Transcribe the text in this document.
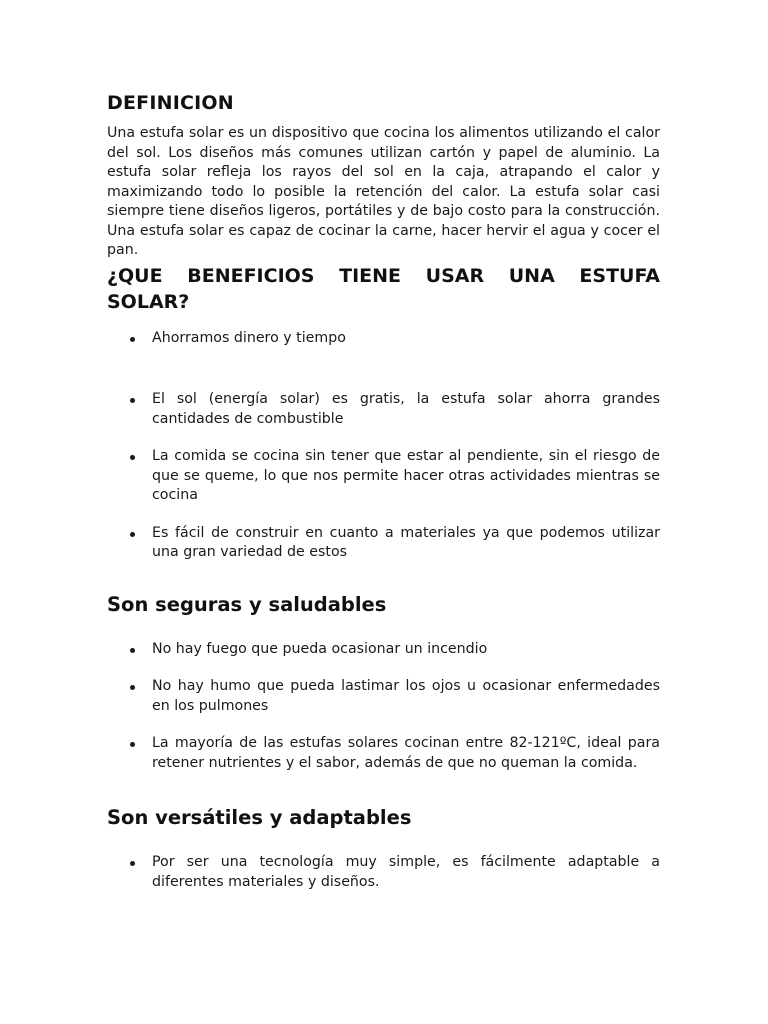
DEFINICION

Una estufa solar es un dispositivo que cocina los alimentos utilizando el calor del sol. Los diseños más comunes utilizan cartón y papel de aluminio. La estufa solar refleja los rayos del sol en la caja, atrapando el calor y maximizando todo lo posible la retención del calor. La estufa solar casi siempre tiene diseños ligeros, portátiles y de bajo costo para la construcción. Una estufa solar es capaz de cocinar la carne, hacer hervir el agua y cocer el pan.

¿QUE BENEFICIOS TIENE USAR UNA ESTUFA SOLAR?
Ahorramos dinero y tiempo
El sol (energía solar) es gratis, la estufa solar ahorra grandes cantidades de combustible
La comida se cocina sin tener que estar al pendiente, sin el riesgo de que se queme, lo que nos permite hacer otras actividades mientras se cocina
Es fácil de construir en cuanto a materiales ya que podemos utilizar una gran variedad de estos
Son seguras y saludables
No hay fuego que pueda ocasionar un incendio
No hay humo que pueda lastimar los ojos u ocasionar enfermedades en los pulmones
La mayoría de las estufas solares cocinan entre 82-121ºC, ideal para retener nutrientes y el sabor, además de que no queman la comida.
Son versátiles y adaptables
Por ser una tecnología muy simple, es fácilmente adaptable a diferentes materiales y diseños.
